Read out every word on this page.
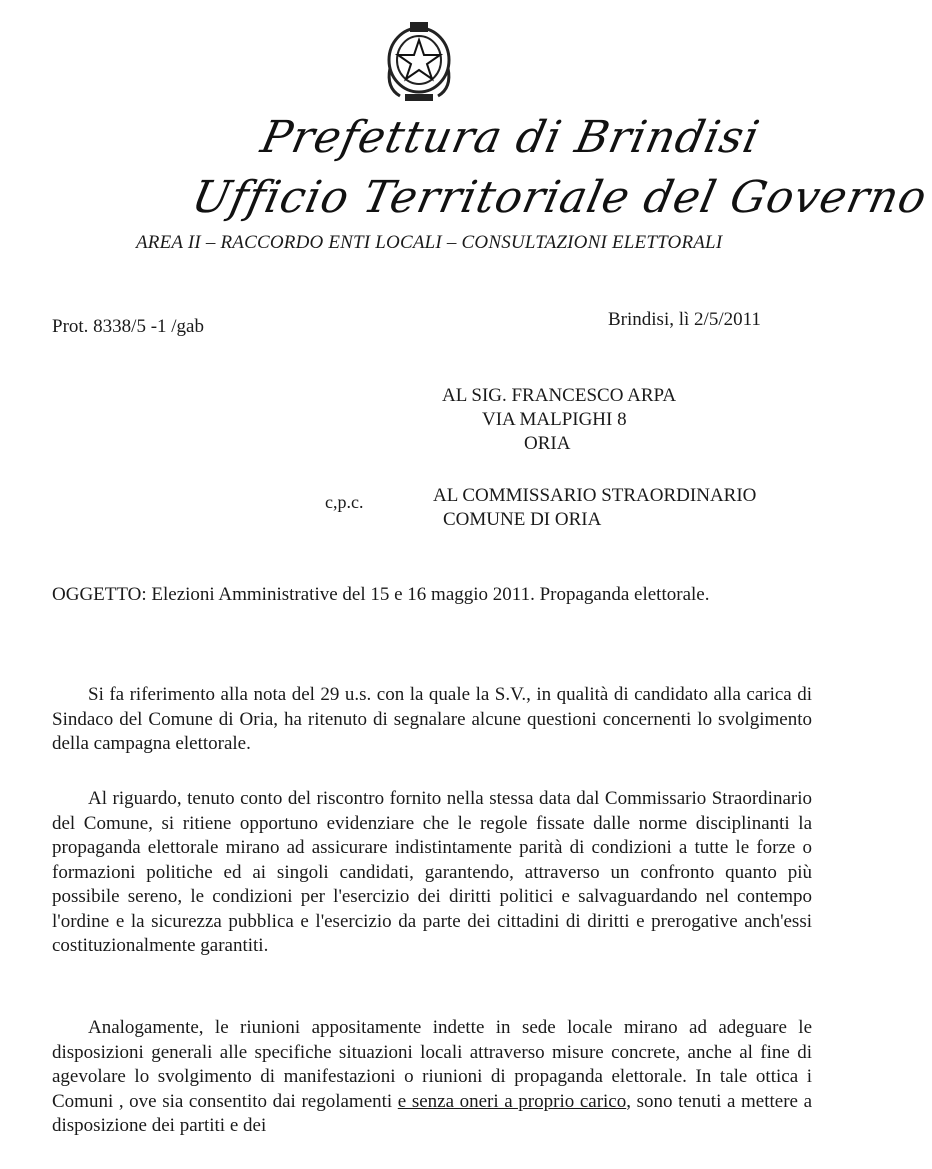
Prefettura di Brindisi
Ufficio Territoriale del Governo
AREA II – RACCORDO ENTI LOCALI – CONSULTAZIONI ELETTORALI
Prot. 8338/5 -1 /gab	Brindisi, lì 2/5/2011
AL SIG. FRANCESCO ARPA
VIA MALPIGHI 8
ORIA
c,p.c.	AL COMMISSARIO STRAORDINARIO
COMUNE DI ORIA
OGGETTO: Elezioni Amministrative del 15 e 16 maggio 2011. Propaganda elettorale.
Si fa riferimento alla nota del 29 u.s. con la quale la S.V., in qualità di candidato alla carica di Sindaco del Comune di Oria, ha ritenuto di segnalare alcune questioni concernenti lo svolgimento della campagna elettorale.
Al riguardo, tenuto conto del riscontro fornito nella stessa data dal Commissario Straordinario del Comune, si ritiene opportuno evidenziare che le regole fissate dalle norme disciplinanti la propaganda elettorale mirano ad assicurare indistintamente parità di condizioni a tutte le forze o formazioni politiche ed ai singoli candidati, garantendo, attraverso un confronto quanto più possibile sereno, le condizioni per l'esercizio dei diritti politici e salvaguardando nel contempo l'ordine e la sicurezza pubblica e l'esercizio da parte dei cittadini di diritti e prerogative anch'essi costituzionalmente garantiti.
Analogamente, le riunioni appositamente indette in sede locale mirano ad adeguare le disposizioni generali alle specifiche situazioni locali attraverso misure concrete, anche al fine di agevolare lo svolgimento di manifestazioni o riunioni di propaganda elettorale. In tale ottica i Comuni , ove sia consentito dai regolamenti e senza oneri a proprio carico, sono tenuti a mettere a disposizione dei partiti e dei
